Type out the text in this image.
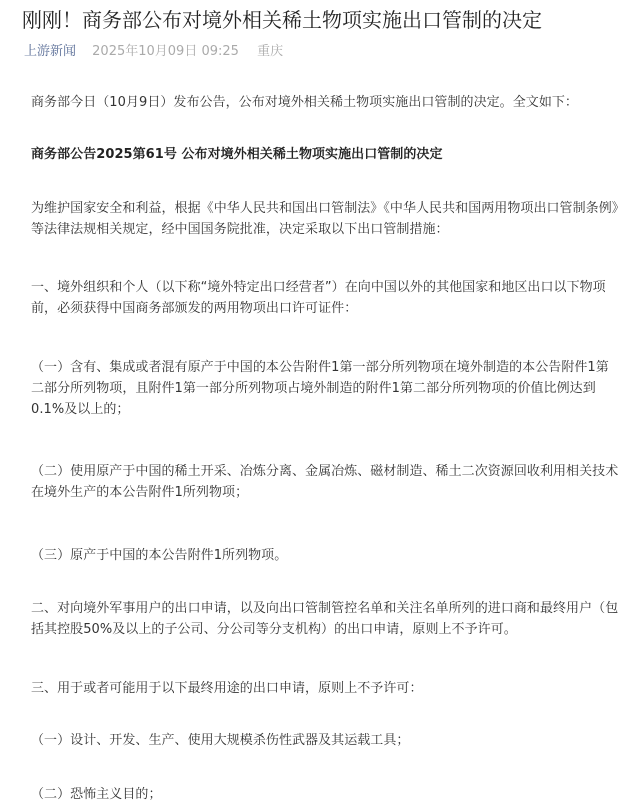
刚刚！商务部公布对境外相关稀土物项实施出口管制的决定
上游新闻 2025年10月09日 09:25 重庆

商务部今日（10月9日）发布公告，公布对境外相关稀土物项实施出口管制的决定。全文如下：

商务部公告2025第61号 公布对境外相关稀土物项实施出口管制的决定

为维护国家安全和利益，根据《中华人民共和国出口管制法》《中华人民共和国两用物项出口管制条例》等法律法规相关规定，经中国国务院批准，决定采取以下出口管制措施：

一、境外组织和个人（以下称“境外特定出口经营者”）在向中国以外的其他国家和地区出口以下物项前，必须获得中国商务部颁发的两用物项出口许可证件：

（一）含有、集成或者混有原产于中国的本公告附件1第一部分所列物项在境外制造的本公告附件1第二部分所列物项，且附件1第一部分所列物项占境外制造的附件1第二部分所列物项的价值比例达到0.1%及以上的；

（二）使用原产于中国的稀土开采、冶炼分离、金属冶炼、磁材制造、稀土二次资源回收利用相关技术在境外生产的本公告附件1所列物项；

（三）原产于中国的本公告附件1所列物项。

二、对向境外军事用户的出口申请，以及向出口管制管控名单和关注名单所列的进口商和最终用户（包括其控股50%及以上的子公司、分公司等分支机构）的出口申请，原则上不予许可。

三、用于或者可能用于以下最终用途的出口申请，原则上不予许可：

（一）设计、开发、生产、使用大规模杀伤性武器及其运载工具；

（二）恐怖主义目的；
